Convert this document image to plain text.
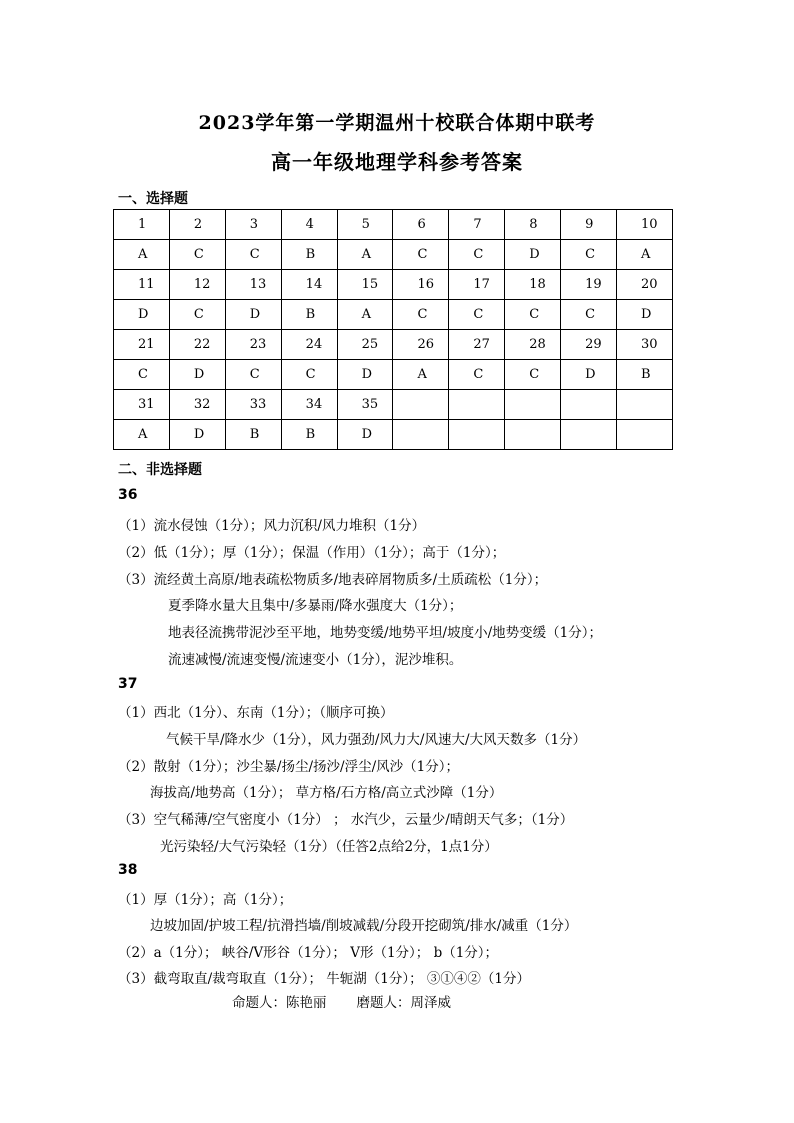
2023学年第一学期温州十校联合体期中联考
高一年级地理学科参考答案
一、选择题
1	2	3	4	5	6	7	8	9	10
A	C	C	B	A	C	C	D	C	A
11	12	13	14	15	16	17	18	19	20
D	C	D	B	A	C	C	C	C	D
21	22	23	24	25	26	27	28	29	30
C	D	C	C	D	A	C	C	D	B
31	32	33	34	35					
A	D	B	B	D					
二、非选择题
36
（1）流水侵蚀（1分）；风力沉积/风力堆积（1分）
（2）低（1分）；厚（1分）；保温（作用）（1分）；高于（1分）；
（3）流经黄土高原/地表疏松物质多/地表碎屑物质多/土质疏松（1分）；
夏季降水量大且集中/多暴雨/降水强度大（1分）；
地表径流携带泥沙至平地，地势变缓/地势平坦/坡度小/地势变缓（1分）；
流速减慢/流速变慢/流速变小（1分），泥沙堆积。
37
（1）西北（1分）、东南（1分）；（顺序可换）
气候干旱/降水少（1分），风力强劲/风力大/风速大/大风天数多（1分）
（2）散射（1分）；沙尘暴/扬尘/扬沙/浮尘/风沙（1分）；
海拔高/地势高（1分）； 草方格/石方格/高立式沙障（1分）
（3）空气稀薄/空气密度小（1分） ； 水汽少，云量少/晴朗天气多；（1分）
光污染轻/大气污染轻（1分）（任答2点给2分，1点1分）
38
（1）厚（1分）；高（1分）；
边坡加固/护坡工程/抗滑挡墙/削坡减载/分段开挖砌筑/排水/减重（1分）
（2）a（1分）； 峡谷/V形谷（1分）； V形（1分）； b（1分）；
（3）截弯取直/裁弯取直（1分）； 牛轭湖（1分）； ③①④②（1分）
命题人：陈艳丽 磨题人：周泽威
